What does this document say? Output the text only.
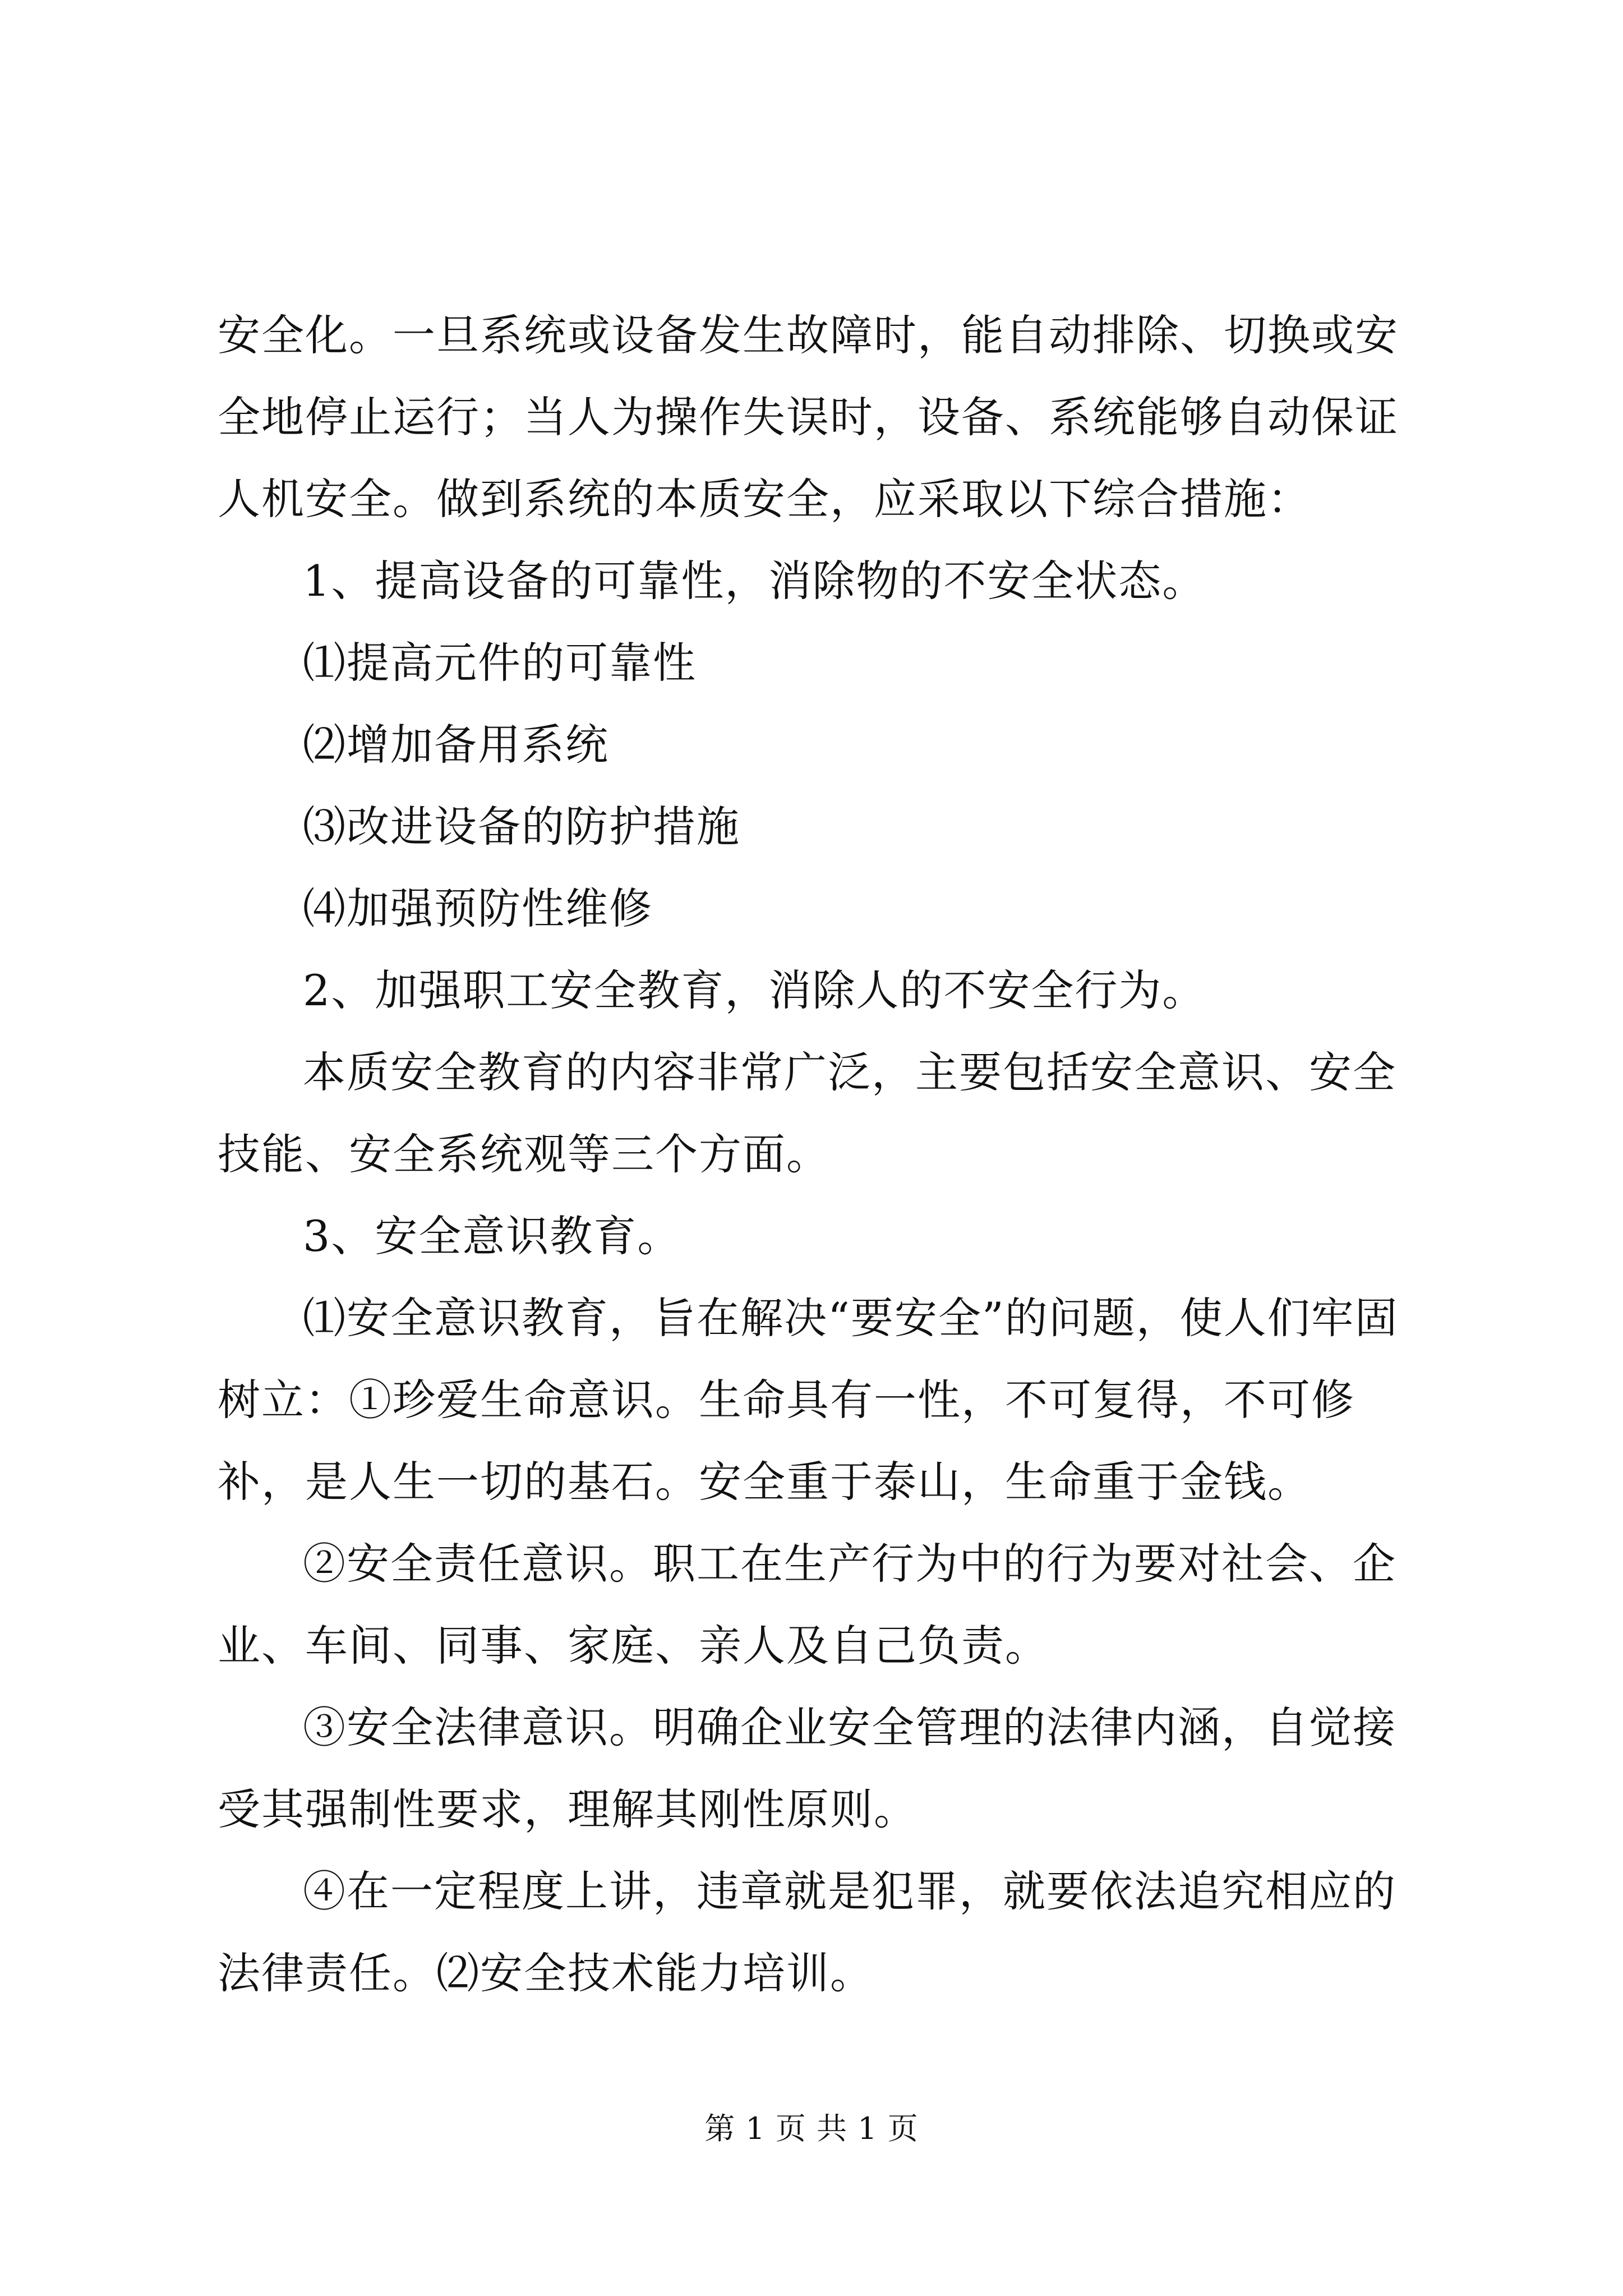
安全化。一旦系统或设备发生故障时，能自动排除、切换或安全地停止运行；当人为操作失误时，设备、系统能够自动保证人机安全。做到系统的本质安全，应采取以下综合措施：

1、提高设备的可靠性，消除物的不安全状态。

⑴提高元件的可靠性

⑵增加备用系统

⑶改进设备的防护措施

⑷加强预防性维修

2、加强职工安全教育，消除人的不安全行为。

本质安全教育的内容非常广泛，主要包括安全意识、安全技能、安全系统观等三个方面。

3、安全意识教育。

⑴安全意识教育，旨在解决“要安全”的问题，使人们牢固树立：①珍爱生命意识。生命具有一性，不可复得，不可修补，是人生一切的基石。安全重于泰山，生命重于金钱。

②安全责任意识。职工在生产行为中的行为要对社会、企业、车间、同事、家庭、亲人及自己负责。

③安全法律意识。明确企业安全管理的法律内涵，自觉接受其强制性要求，理解其刚性原则。

④在一定程度上讲，违章就是犯罪，就要依法追究相应的法律责任。⑵安全技术能力培训。

第 1 页 共 1 页
